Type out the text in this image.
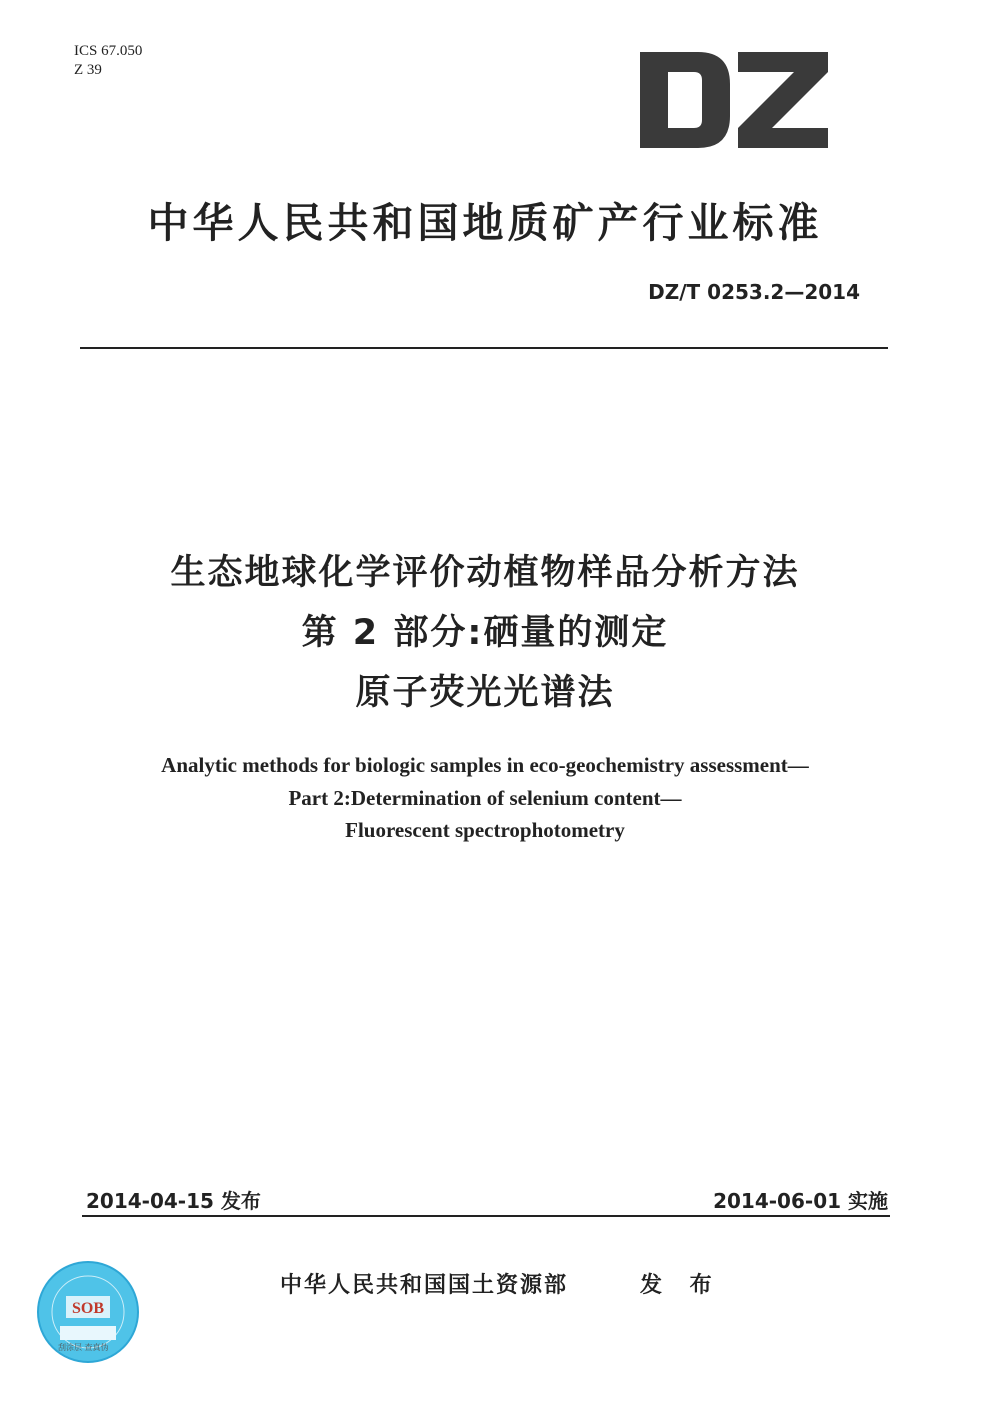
ICS 67.050
Z 39
中华人民共和国地质矿产行业标准
DZ/T 0253.2—2014
生态地球化学评价动植物样品分析方法
第 2 部分:硒量的测定
原子荧光光谱法
Analytic methods for biologic samples in eco-geochemistry assessment—
Part 2:Determination of selenium content—
Fluorescent spectrophotometry
2014-04-15 发布	2014-06-01 实施
SOB
刮涂层 查真伪
中华人民共和国国土资源部	发 布
